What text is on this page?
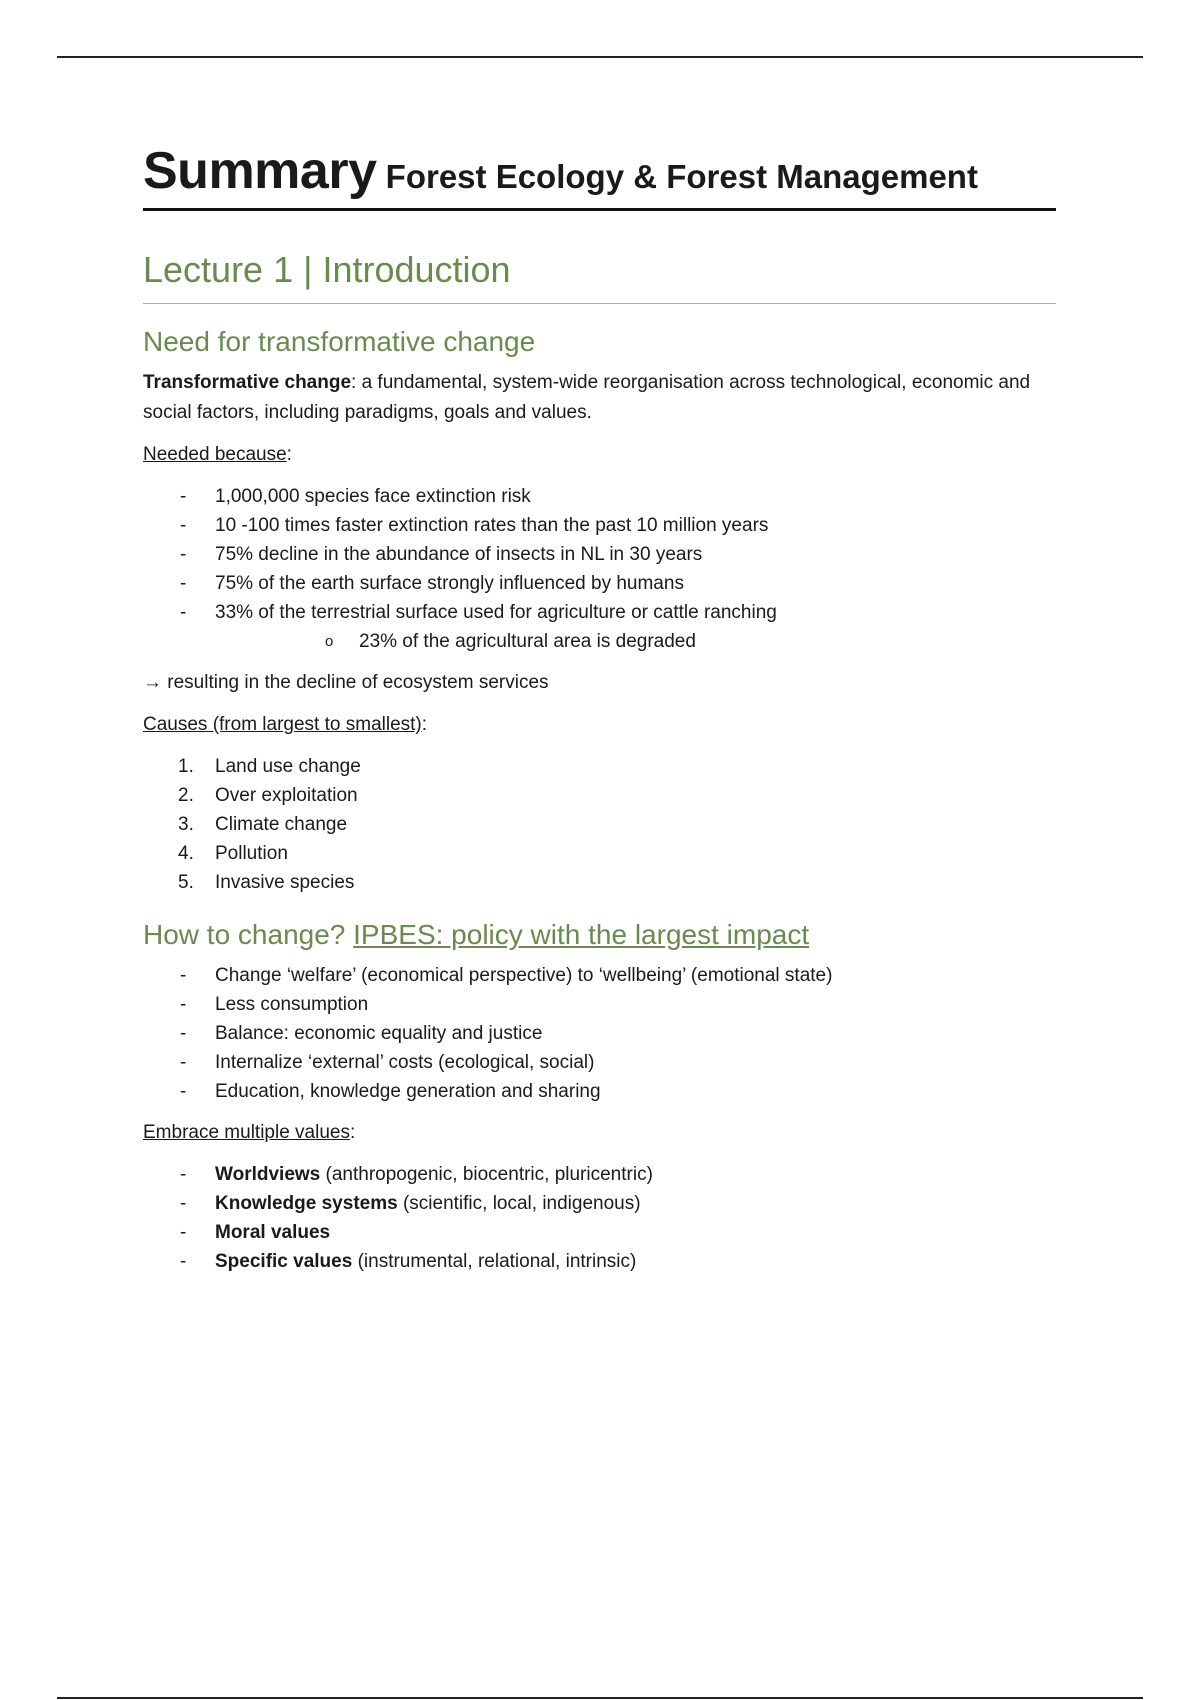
Summary Forest Ecology & Forest Management
Lecture 1 | Introduction
Need for transformative change

Transformative change: a fundamental, system-wide reorganisation across technological, economic and social factors, including paradigms, goals and values.

Needed because:

- 1,000,000 species face extinction risk
- 10 -100 times faster extinction rates than the past 10 million years
- 75% decline in the abundance of insects in NL in 30 years
- 75% of the earth surface strongly influenced by humans
- 33% of the terrestrial surface used for agriculture or cattle ranching
o 23% of the agricultural area is degraded

→ resulting in the decline of ecosystem services

Causes (from largest to smallest):

1. Land use change
2. Over exploitation
3. Climate change
4. Pollution
5. Invasive species
How to change? IPBES: policy with the largest impact
- Change ‘welfare’ (economical perspective) to ‘wellbeing’ (emotional state)
- Less consumption
- Balance: economic equality and justice
- Internalize ‘external’ costs (ecological, social)
- Education, knowledge generation and sharing

Embrace multiple values:

- Worldviews (anthropogenic, biocentric, pluricentric)
- Knowledge systems (scientific, local, indigenous)
- Moral values
- Specific values (instrumental, relational, intrinsic)
